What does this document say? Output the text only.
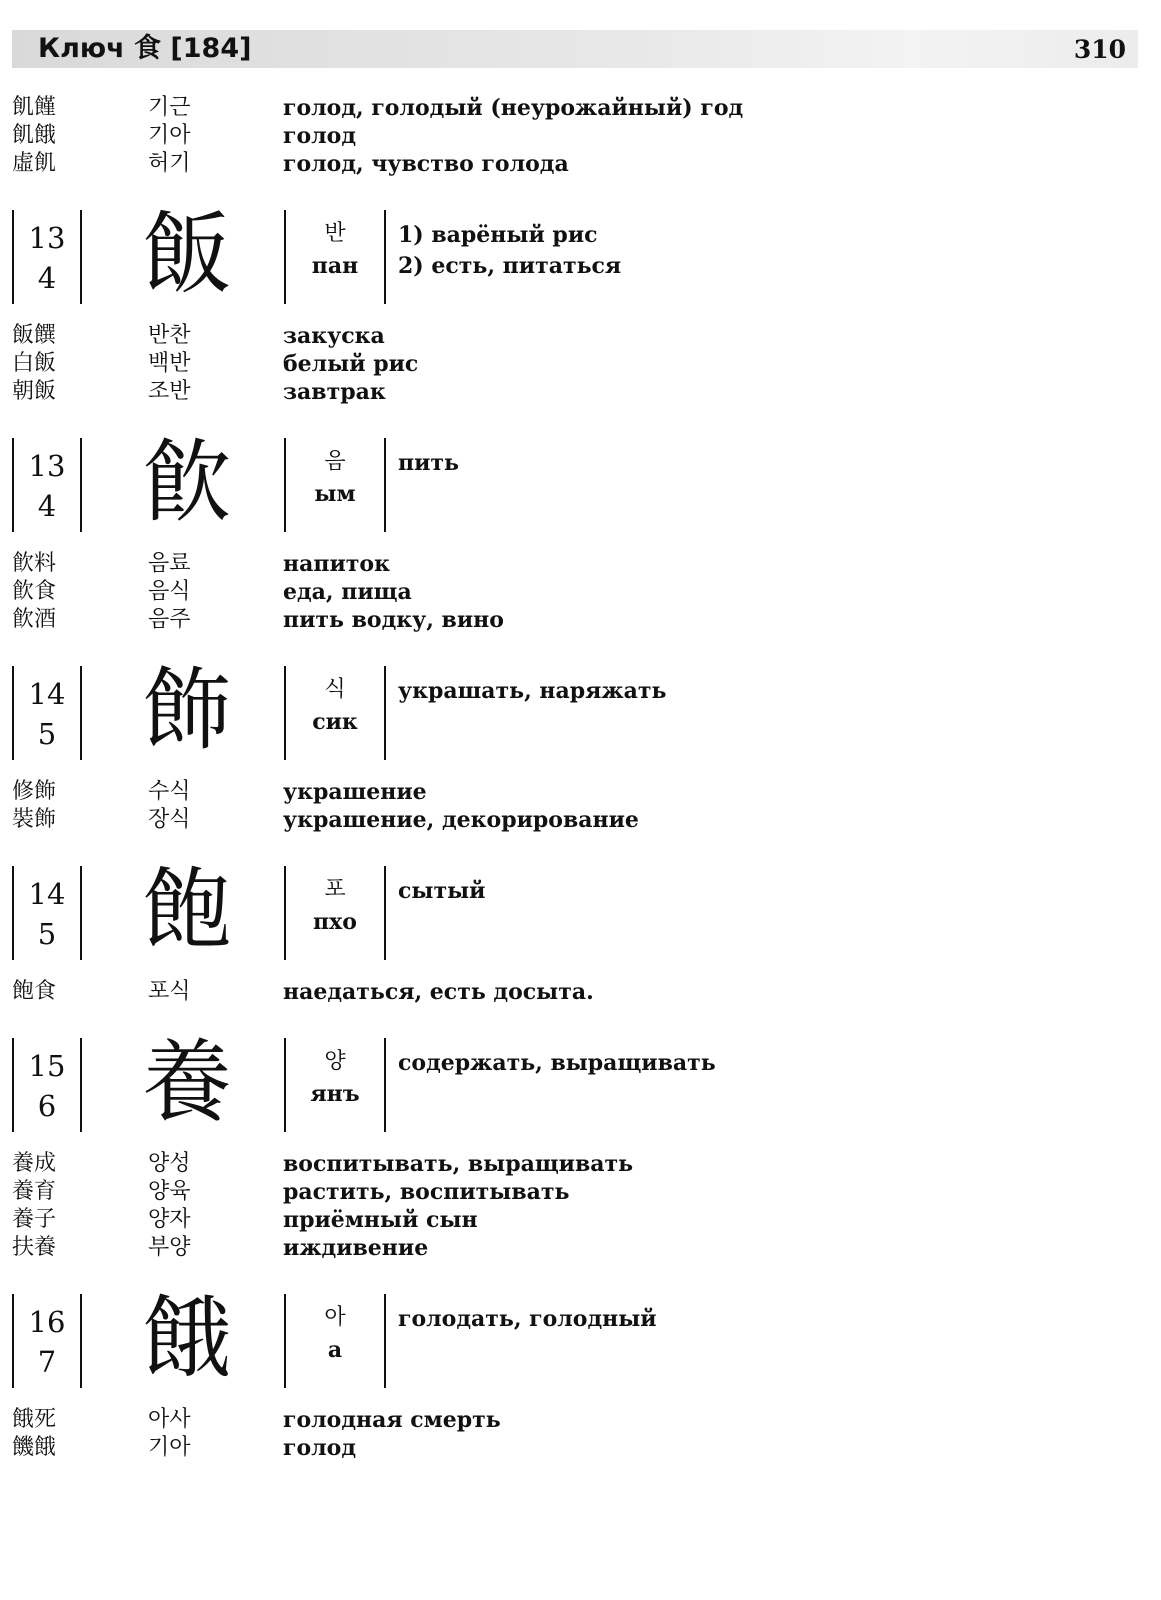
Ключ 食 [184]	310
飢饉	기근	голод, голодый (неурожайный) год
飢餓	기아	голод
虛飢	허기	голод, чувство голода
13
4 飯	반
пан
1) варёный рис
2) есть, питаться
飯饌	반찬	закуска
白飯	백반	белый рис
朝飯	조반	завтрак
13
4 飮	음
ым
пить
飮料	음료	напиток
飮食	음식	еда, пища
飮酒	음주	пить водку, вино
14
5 飾	식
сик
украшать, наряжать
修飾	수식	украшение
裝飾	장식	украшение, декорирование
14
5 飽	포
пхо
сытый
飽食	포식	наедаться, есть досыта.
15
6 養	양
янъ
содержать, выращивать
養成	양성	воспитывать, выращивать
養育	양육	растить, воспитывать
養子	양자	приёмный сын
扶養	부양	иждивение
16
7 餓	아
а
голодать, голодный
餓死	아사	голодная смерть
饑餓	기아	голод
